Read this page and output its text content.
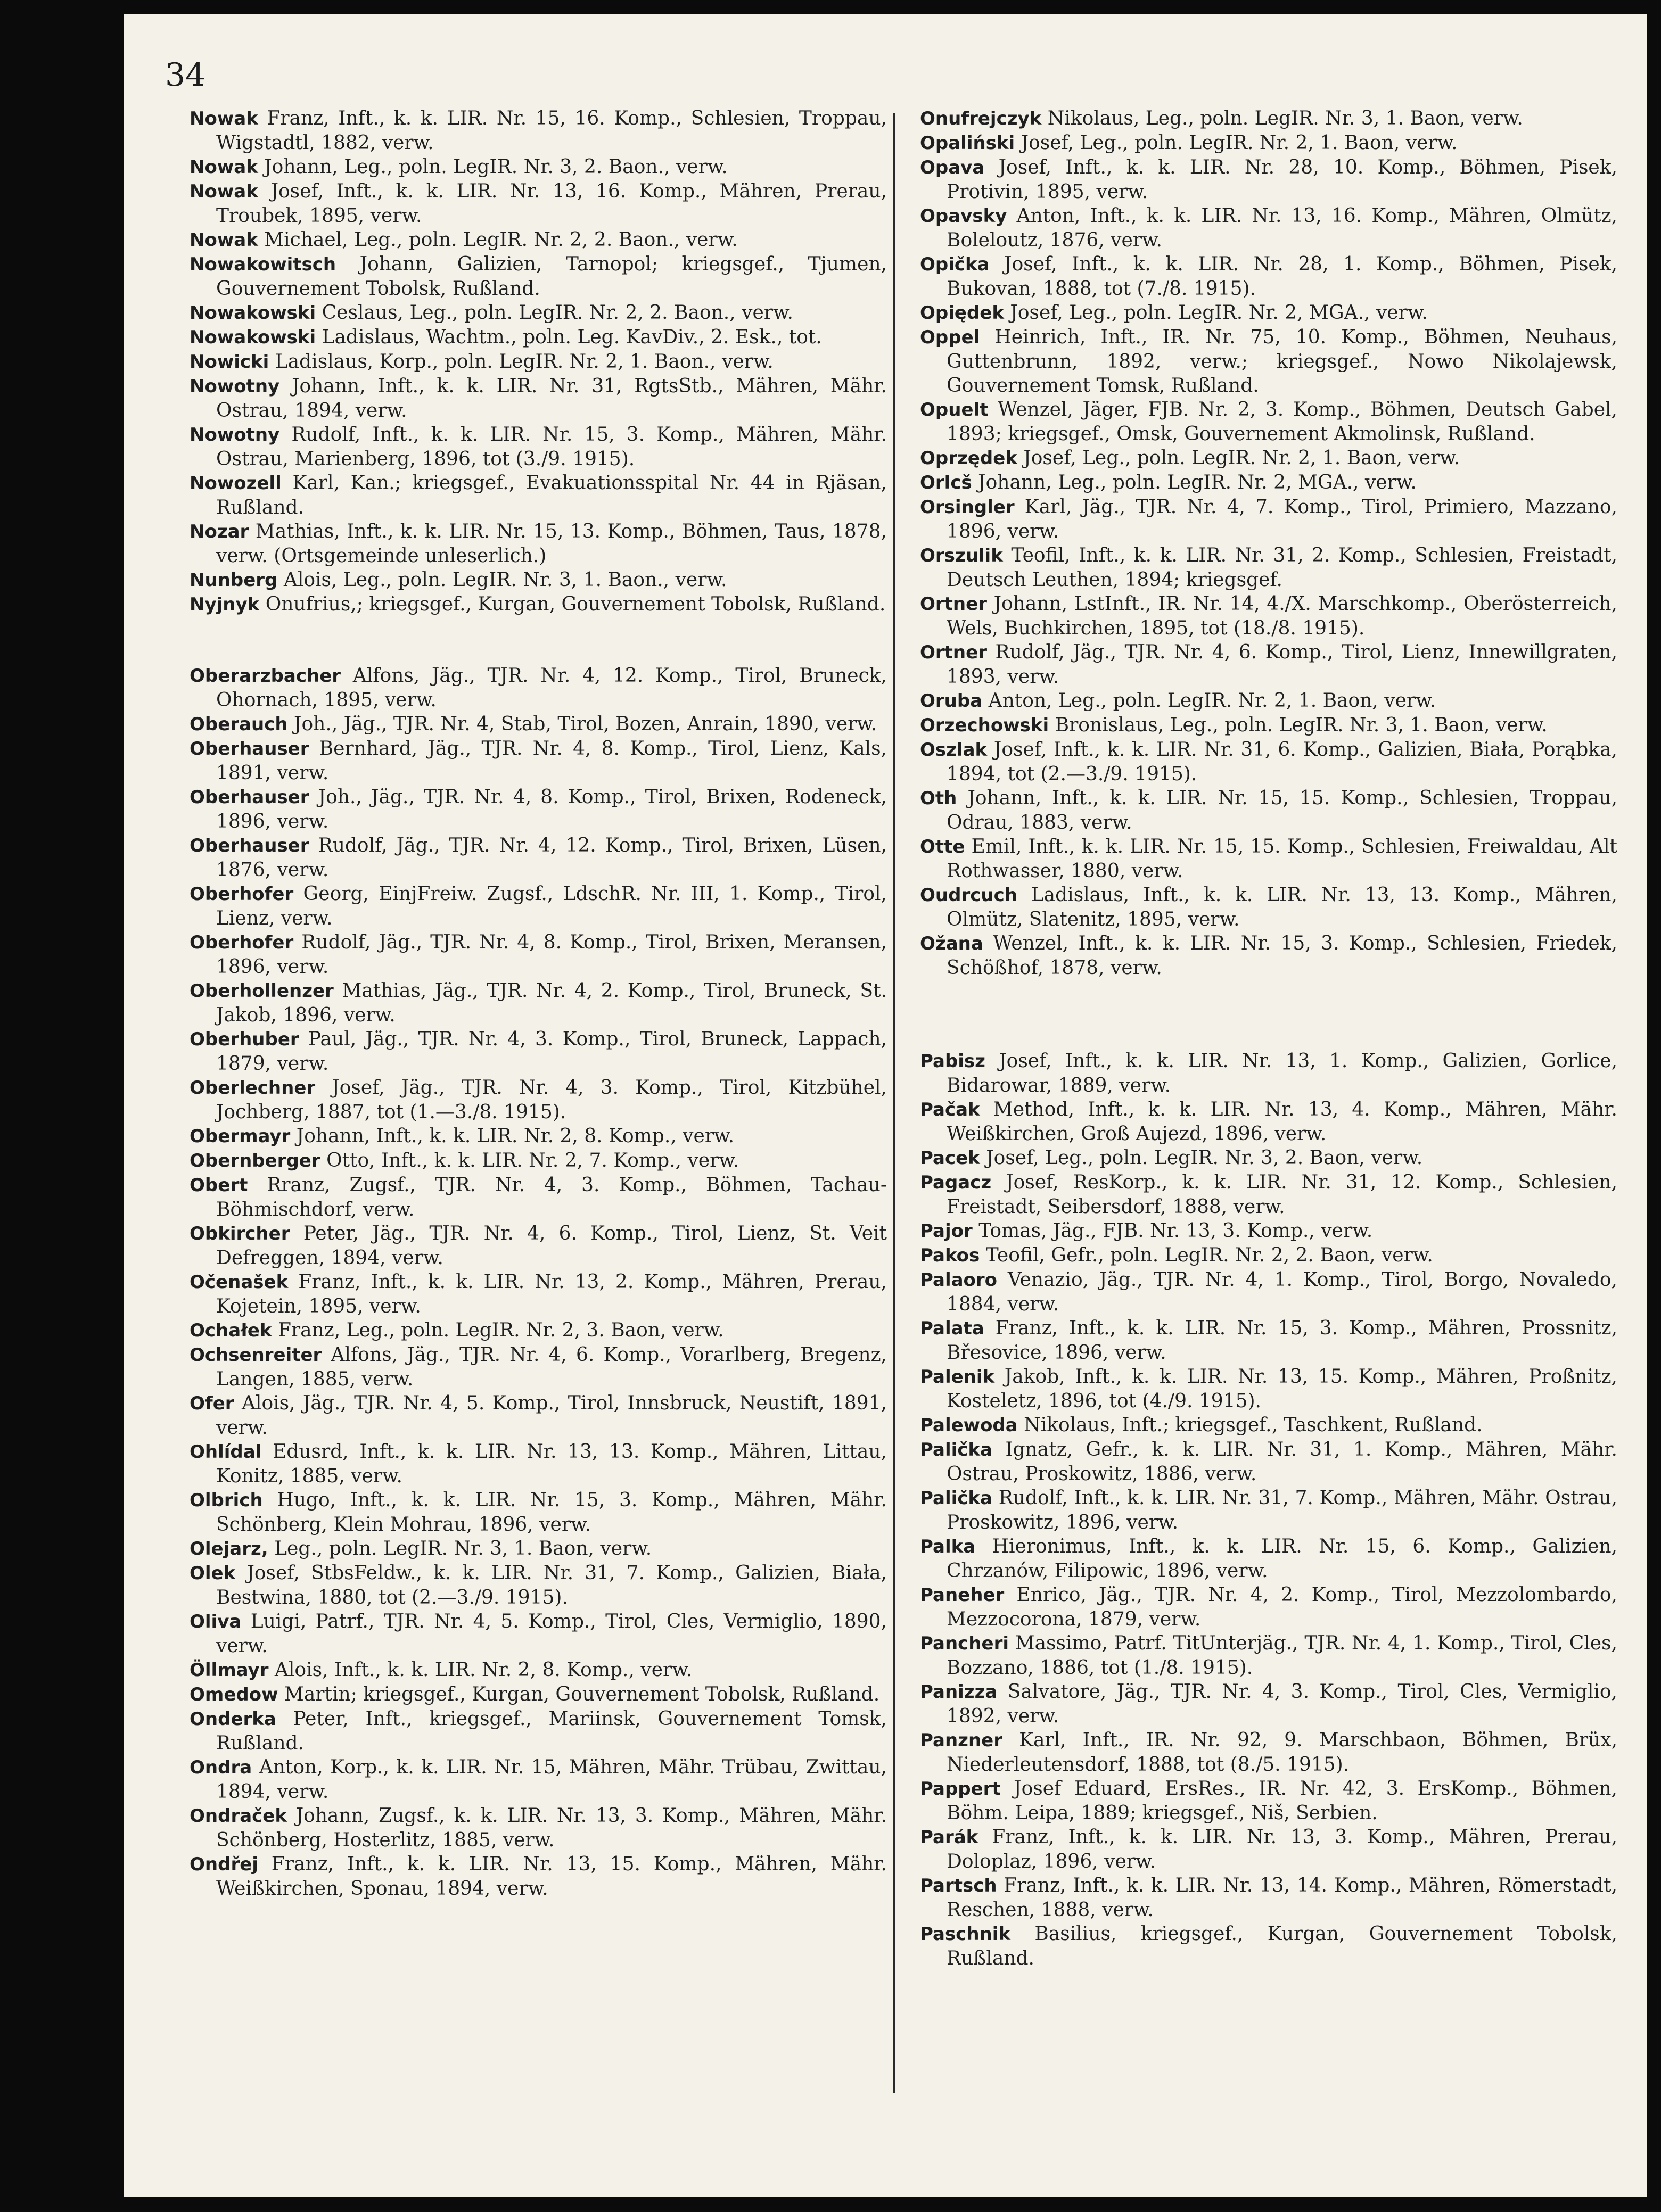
34

Nowak Franz, Inft., k. k. LIR. Nr. 15, 16. Komp., Schlesien, Troppau, Wigstadtl, 1882, verw.

Nowak Johann, Leg., poln. LegIR. Nr. 3, 2. Baon., verw.

Nowak Josef, Inft., k. k. LIR. Nr. 13, 16. Komp., Mähren, Prerau, Troubek, 1895, verw.

Nowak Michael, Leg., poln. LegIR. Nr. 2, 2. Baon., verw.

Nowakowitsch Johann, Galizien, Tarnopol; kriegsgef., Tjumen, Gouvernement Tobolsk, Rußland.

Nowakowski Ceslaus, Leg., poln. LegIR. Nr. 2, 2. Baon., verw.

Nowakowski Ladislaus, Wachtm., poln. Leg. KavDiv., 2. Esk., tot.

Nowicki Ladislaus, Korp., poln. LegIR. Nr. 2, 1. Baon., verw.

Nowotny Johann, Inft., k. k. LIR. Nr. 31, RgtsStb., Mähren, Mähr. Ostrau, 1894, verw.

Nowotny Rudolf, Inft., k. k. LIR. Nr. 15, 3. Komp., Mähren, Mähr. Ostrau, Marienberg, 1896, tot (3./9. 1915).

Nowozell Karl, Kan.; kriegsgef., Evakuationsspital Nr. 44 in Rjäsan, Rußland.

Nozar Mathias, Inft., k. k. LIR. Nr. 15, 13. Komp., Böhmen, Taus, 1878, verw. (Ortsgemeinde unleserlich.)

Nunberg Alois, Leg., poln. LegIR. Nr. 3, 1. Baon., verw.

Nyjnyk Onufrius,; kriegsgef., Kurgan, Gouvernement Tobolsk, Rußland.

Oberarzbacher Alfons, Jäg., TJR. Nr. 4, 12. Komp., Tirol, Bruneck, Ohornach, 1895, verw.

Oberauch Joh., Jäg., TJR. Nr. 4, Stab, Tirol, Bozen, Anrain, 1890, verw.

Oberhauser Bernhard, Jäg., TJR. Nr. 4, 8. Komp., Tirol, Lienz, Kals, 1891, verw.

Oberhauser Joh., Jäg., TJR. Nr. 4, 8. Komp., Tirol, Brixen, Rodeneck, 1896, verw.

Oberhauser Rudolf, Jäg., TJR. Nr. 4, 12. Komp., Tirol, Brixen, Lüsen, 1876, verw.

Oberhofer Georg, EinjFreiw. Zugsf., LdschR. Nr. III, 1. Komp., Tirol, Lienz, verw.

Oberhofer Rudolf, Jäg., TJR. Nr. 4, 8. Komp., Tirol, Brixen, Meransen, 1896, verw.

Oberhollenzer Mathias, Jäg., TJR. Nr. 4, 2. Komp., Tirol, Bruneck, St. Jakob, 1896, verw.

Oberhuber Paul, Jäg., TJR. Nr. 4, 3. Komp., Tirol, Bruneck, Lappach, 1879, verw.

Oberlechner Josef, Jäg., TJR. Nr. 4, 3. Komp., Tirol, Kitzbühel, Jochberg, 1887, tot (1.—3./8. 1915).

Obermayr Johann, Inft., k. k. LIR. Nr. 2, 8. Komp., verw.

Obernberger Otto, Inft., k. k. LIR. Nr. 2, 7. Komp., verw.

Obert Rranz, Zugsf., TJR. Nr. 4, 3. Komp., Böhmen, Tachau-Böhmischdorf, verw.

Obkircher Peter, Jäg., TJR. Nr. 4, 6. Komp., Tirol, Lienz, St. Veit Defreggen, 1894, verw.

Očenašek Franz, Inft., k. k. LIR. Nr. 13, 2. Komp., Mähren, Prerau, Kojetein, 1895, verw.

Ochałek Franz, Leg., poln. LegIR. Nr. 2, 3. Baon, verw.

Ochsenreiter Alfons, Jäg., TJR. Nr. 4, 6. Komp., Vorarlberg, Bregenz, Langen, 1885, verw.

Ofer Alois, Jäg., TJR. Nr. 4, 5. Komp., Tirol, Innsbruck, Neustift, 1891, verw.

Ohlídal Edusrd, Inft., k. k. LIR. Nr. 13, 13. Komp., Mähren, Littau, Konitz, 1885, verw.

Olbrich Hugo, Inft., k. k. LIR. Nr. 15, 3. Komp., Mähren, Mähr. Schönberg, Klein Mohrau, 1896, verw.

Olejarz, Leg., poln. LegIR. Nr. 3, 1. Baon, verw.

Olek Josef, StbsFeldw., k. k. LIR. Nr. 31, 7. Komp., Galizien, Biała, Bestwina, 1880, tot (2.—3./9. 1915).

Oliva Luigi, Patrf., TJR. Nr. 4, 5. Komp., Tirol, Cles, Vermiglio, 1890, verw.

Öllmayr Alois, Inft., k. k. LIR. Nr. 2, 8. Komp., verw.

Omedow Martin; kriegsgef., Kurgan, Gouvernement Tobolsk, Rußland.

Onderka Peter, Inft., kriegsgef., Mariinsk, Gouvernement Tomsk, Rußland.

Ondra Anton, Korp., k. k. LIR. Nr. 15, Mähren, Mähr. Trübau, Zwittau, 1894, verw.

Ondraček Johann, Zugsf., k. k. LIR. Nr. 13, 3. Komp., Mähren, Mähr. Schönberg, Hosterlitz, 1885, verw.

Ondřej Franz, Inft., k. k. LIR. Nr. 13, 15. Komp., Mähren, Mähr. Weißkirchen, Sponau, 1894, verw.

Onufrejczyk Nikolaus, Leg., poln. LegIR. Nr. 3, 1. Baon, verw.

Opaliński Josef, Leg., poln. LegIR. Nr. 2, 1. Baon, verw.

Opava Josef, Inft., k. k. LIR. Nr. 28, 10. Komp., Böhmen, Pisek, Protivin, 1895, verw.

Opavsky Anton, Inft., k. k. LIR. Nr. 13, 16. Komp., Mähren, Olmütz, Boleloutz, 1876, verw.

Opička Josef, Inft., k. k. LIR. Nr. 28, 1. Komp., Böhmen, Pisek, Bukovan, 1888, tot (7./8. 1915).

Opiędek Josef, Leg., poln. LegIR. Nr. 2, MGA., verw.

Oppel Heinrich, Inft., IR. Nr. 75, 10. Komp., Böhmen, Neuhaus, Guttenbrunn, 1892, verw.; kriegsgef., Nowo Nikolajewsk, Gouvernement Tomsk, Rußland.

Opuelt Wenzel, Jäger, FJB. Nr. 2, 3. Komp., Böhmen, Deutsch Gabel, 1893; kriegsgef., Omsk, Gouvernement Akmolinsk, Rußland.

Oprzędek Josef, Leg., poln. LegIR. Nr. 2, 1. Baon, verw.

Orlcš Johann, Leg., poln. LegIR. Nr. 2, MGA., verw.

Orsingler Karl, Jäg., TJR. Nr. 4, 7. Komp., Tirol, Primiero, Mazzano, 1896, verw.

Orszulik Teofil, Inft., k. k. LIR. Nr. 31, 2. Komp., Schlesien, Freistadt, Deutsch Leuthen, 1894; kriegsgef.

Ortner Johann, LstInft., IR. Nr. 14, 4./X. Marschkomp., Oberösterreich, Wels, Buchkirchen, 1895, tot (18./8. 1915).

Ortner Rudolf, Jäg., TJR. Nr. 4, 6. Komp., Tirol, Lienz, Innewillgraten, 1893, verw.

Oruba Anton, Leg., poln. LegIR. Nr. 2, 1. Baon, verw.

Orzechowski Bronislaus, Leg., poln. LegIR. Nr. 3, 1. Baon, verw.

Oszlak Josef, Inft., k. k. LIR. Nr. 31, 6. Komp., Galizien, Biała, Porąbka, 1894, tot (2.—3./9. 1915).

Oth Johann, Inft., k. k. LIR. Nr. 15, 15. Komp., Schlesien, Troppau, Odrau, 1883, verw.

Otte Emil, Inft., k. k. LIR. Nr. 15, 15. Komp., Schlesien, Freiwaldau, Alt Rothwasser, 1880, verw.

Oudrcuch Ladislaus, Inft., k. k. LIR. Nr. 13, 13. Komp., Mähren, Olmütz, Slatenitz, 1895, verw.

Ožana Wenzel, Inft., k. k. LIR. Nr. 15, 3. Komp., Schlesien, Friedek, Schößhof, 1878, verw.

Pabisz Josef, Inft., k. k. LIR. Nr. 13, 1. Komp., Galizien, Gorlice, Bidarowar, 1889, verw.

Pačak Method, Inft., k. k. LIR. Nr. 13, 4. Komp., Mähren, Mähr. Weißkirchen, Groß Aujezd, 1896, verw.

Pacek Josef, Leg., poln. LegIR. Nr. 3, 2. Baon, verw.

Pagacz Josef, ResKorp., k. k. LIR. Nr. 31, 12. Komp., Schlesien, Freistadt, Seibersdorf, 1888, verw.

Pajor Tomas, Jäg., FJB. Nr. 13, 3. Komp., verw.

Pakos Teofil, Gefr., poln. LegIR. Nr. 2, 2. Baon, verw.

Palaoro Venazio, Jäg., TJR. Nr. 4, 1. Komp., Tirol, Borgo, Novaledo, 1884, verw.

Palata Franz, Inft., k. k. LIR. Nr. 15, 3. Komp., Mähren, Prossnitz, Břesovice, 1896, verw.

Palenik Jakob, Inft., k. k. LIR. Nr. 13, 15. Komp., Mähren, Proßnitz, Kosteletz, 1896, tot (4./9. 1915).

Palewoda Nikolaus, Inft.; kriegsgef., Taschkent, Rußland.

Palička Ignatz, Gefr., k. k. LIR. Nr. 31, 1. Komp., Mähren, Mähr. Ostrau, Proskowitz, 1886, verw.

Palička Rudolf, Inft., k. k. LIR. Nr. 31, 7. Komp., Mähren, Mähr. Ostrau, Proskowitz, 1896, verw.

Palka Hieronimus, Inft., k. k. LIR. Nr. 15, 6. Komp., Galizien, Chrzanów, Filipowic, 1896, verw.

Paneher Enrico, Jäg., TJR. Nr. 4, 2. Komp., Tirol, Mezzolombardo, Mezzocorona, 1879, verw.

Pancheri Massimo, Patrf. TitUnterjäg., TJR. Nr. 4, 1. Komp., Tirol, Cles, Bozzano, 1886, tot (1./8. 1915).

Panizza Salvatore, Jäg., TJR. Nr. 4, 3. Komp., Tirol, Cles, Vermiglio, 1892, verw.

Panzner Karl, Inft., IR. Nr. 92, 9. Marschbaon, Böhmen, Brüx, Niederleutensdorf, 1888, tot (8./5. 1915).

Pappert Josef Eduard, ErsRes., IR. Nr. 42, 3. ErsKomp., Böhmen, Böhm. Leipa, 1889; kriegsgef., Niš, Serbien.

Parák Franz, Inft., k. k. LIR. Nr. 13, 3. Komp., Mähren, Prerau, Doloplaz, 1896, verw.

Partsch Franz, Inft., k. k. LIR. Nr. 13, 14. Komp., Mähren, Römerstadt, Reschen, 1888, verw.

Paschnik Basilius, kriegsgef., Kurgan, Gouvernement Tobolsk, Rußland.
